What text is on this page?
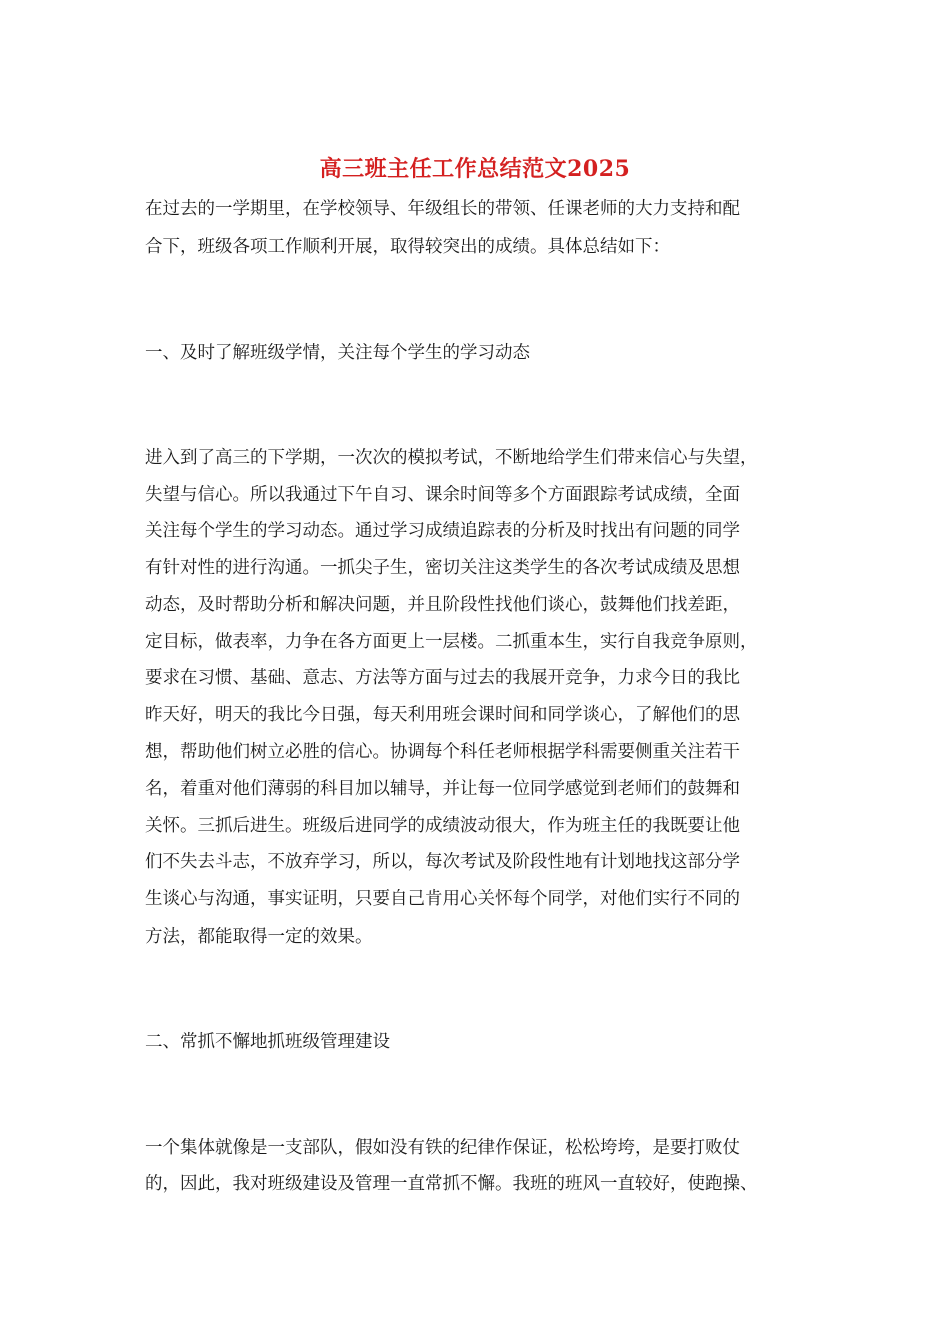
高三班主任工作总结范文2025
在过去的一学期里，在学校领导、年级组长的带领、任课老师的大力支持和配
合下，班级各项工作顺利开展，取得较突出的成绩。具体总结如下：
一、及时了解班级学情，关注每个学生的学习动态
进入到了高三的下学期，一次次的模拟考试，不断地给学生们带来信心与失望，
失望与信心。所以我通过下午自习、课余时间等多个方面跟踪考试成绩，全面
关注每个学生的学习动态。通过学习成绩追踪表的分析及时找出有问题的同学
有针对性的进行沟通。一抓尖子生，密切关注这类学生的各次考试成绩及思想
动态，及时帮助分析和解决问题，并且阶段性找他们谈心，鼓舞他们找差距，
定目标，做表率，力争在各方面更上一层楼。二抓重本生，实行自我竞争原则，
要求在习惯、基础、意志、方法等方面与过去的我展开竞争，力求今日的我比
昨天好，明天的我比今日强，每天利用班会课时间和同学谈心，了解他们的思
想，帮助他们树立必胜的信心。协调每个科任老师根据学科需要侧重关注若干
名，着重对他们薄弱的科目加以辅导，并让每一位同学感觉到老师们的鼓舞和
关怀。三抓后进生。班级后进同学的成绩波动很大，作为班主任的我既要让他
们不失去斗志，不放弃学习，所以，每次考试及阶段性地有计划地找这部分学
生谈心与沟通，事实证明，只要自己肯用心关怀每个同学，对他们实行不同的
方法，都能取得一定的效果。
二、常抓不懈地抓班级管理建设
一个集体就像是一支部队，假如没有铁的纪律作保证，松松垮垮，是要打败仗
的，因此，我对班级建设及管理一直常抓不懈。我班的班风一直较好，使跑操、
